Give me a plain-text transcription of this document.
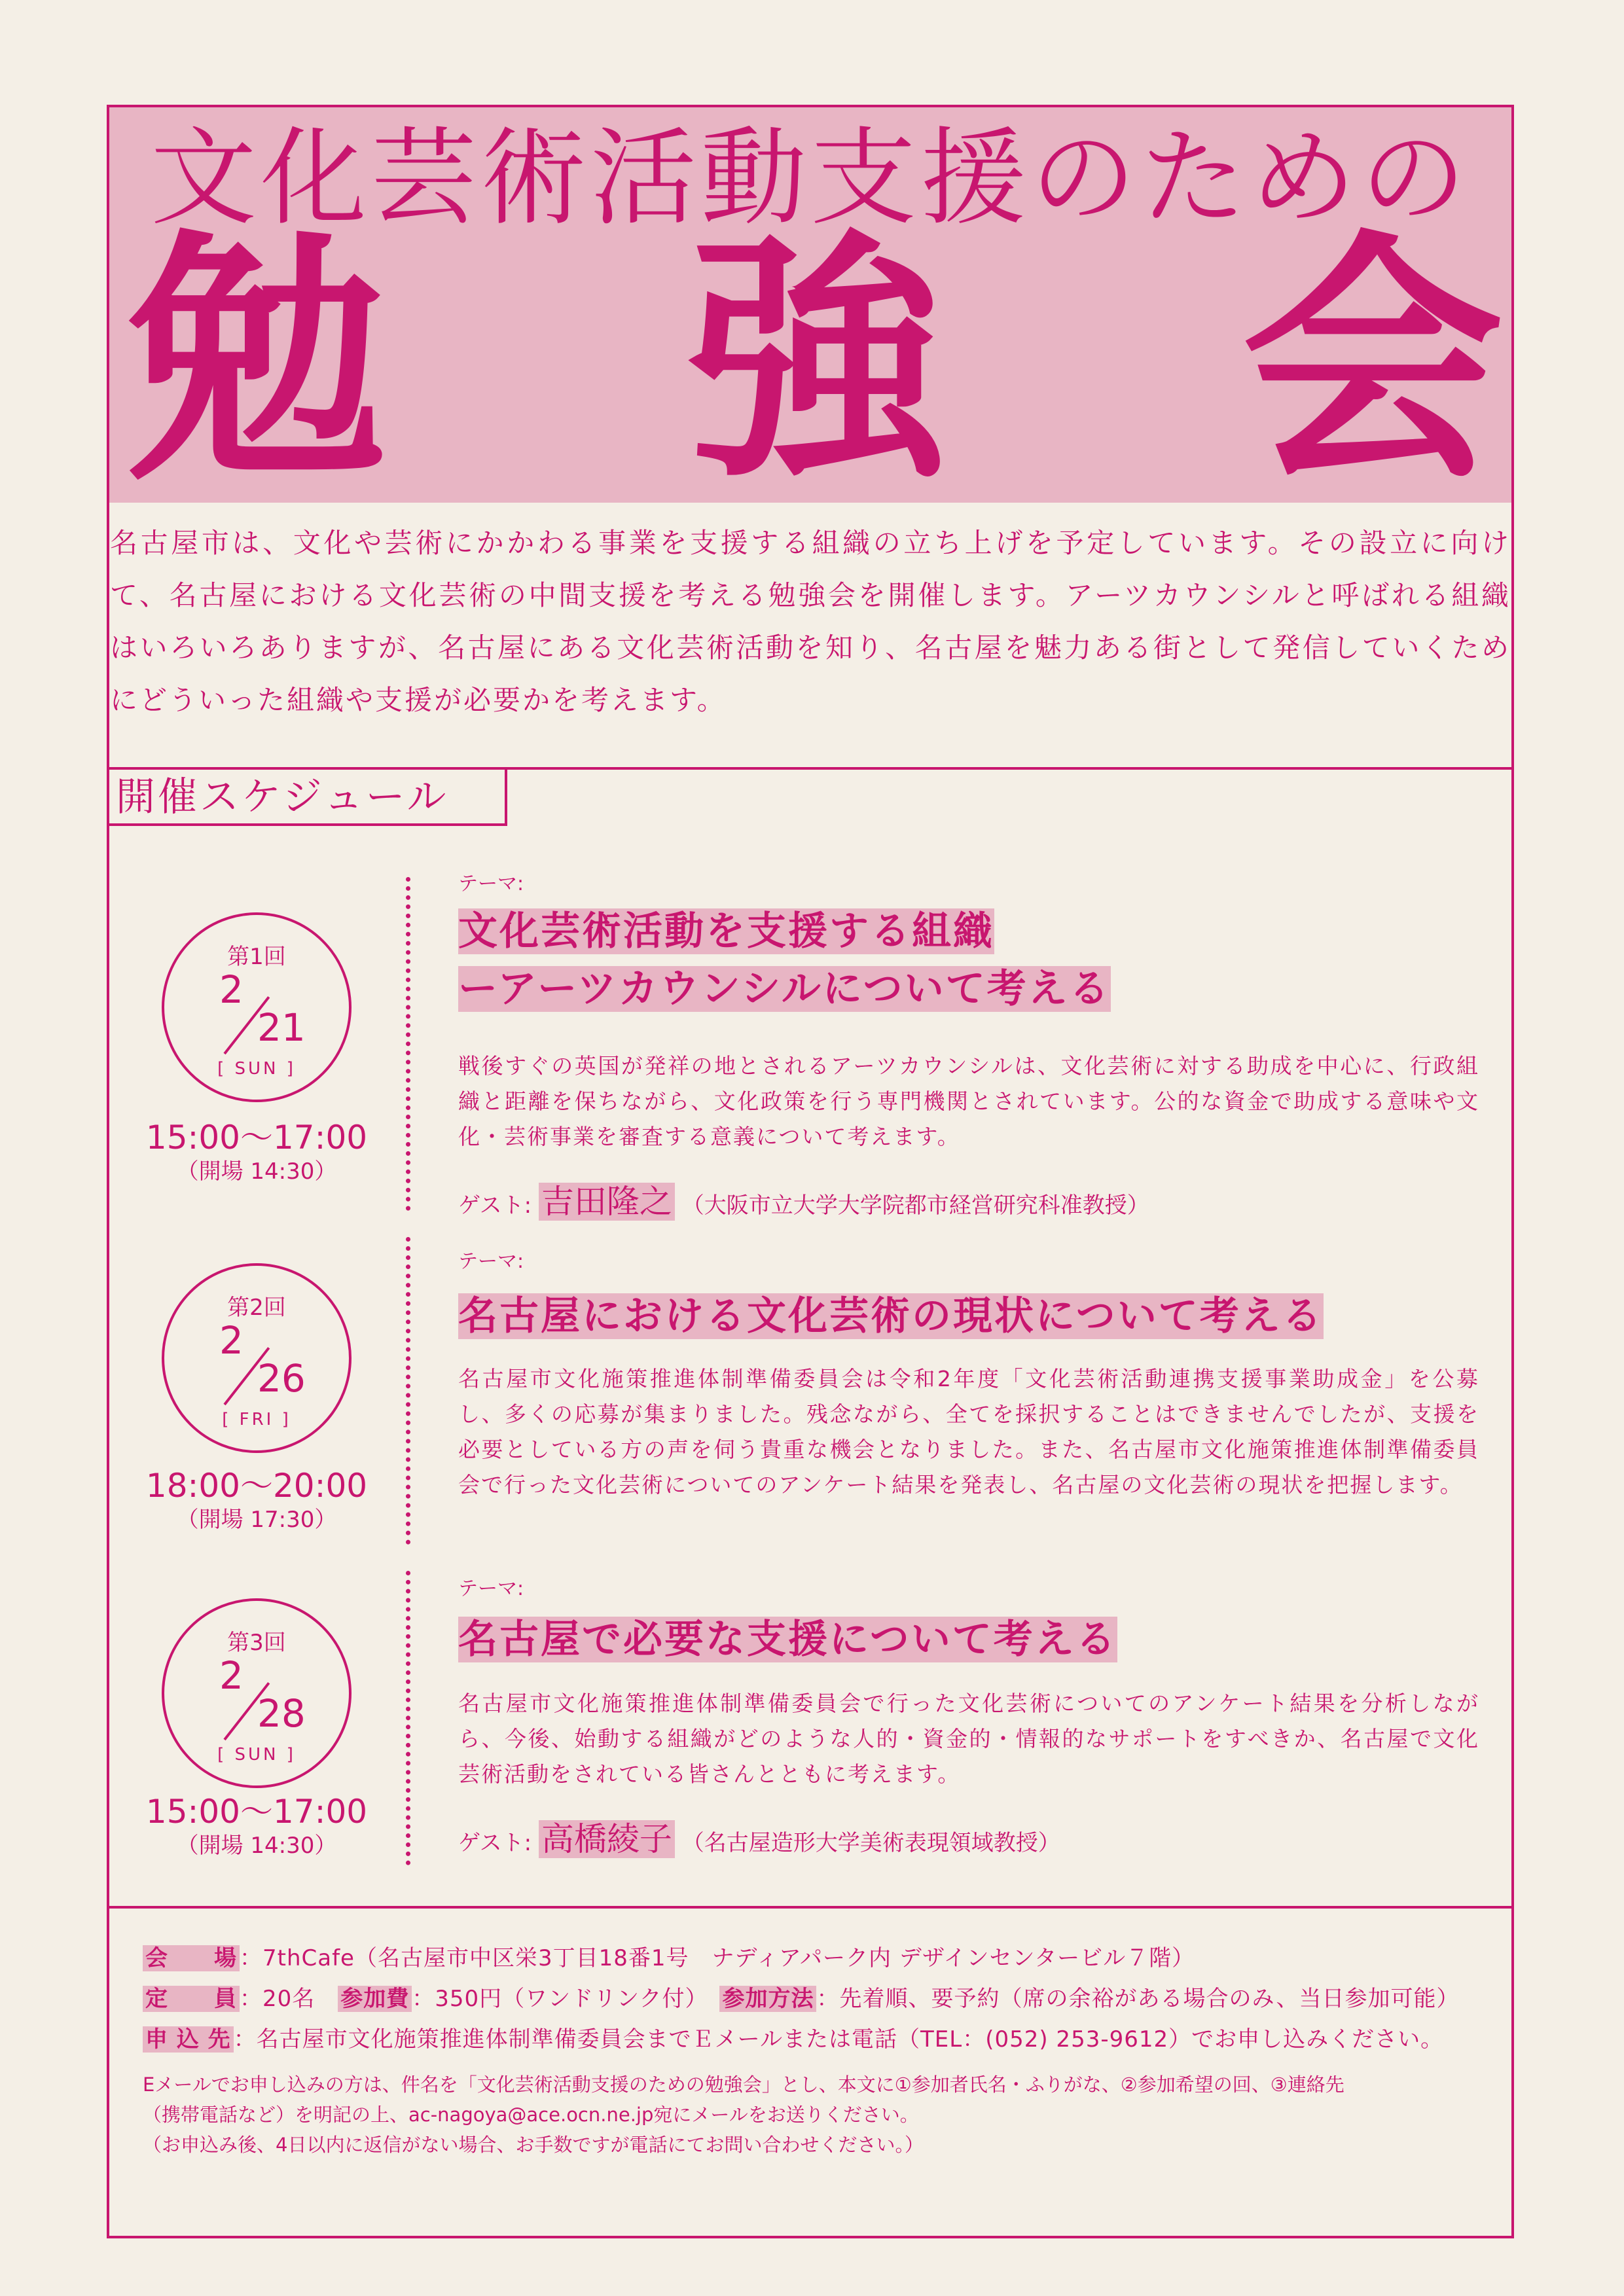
文化芸術活動支援のための
勉 強 会
名古屋市は、文化や芸術にかかわる事業を支援する組織の立ち上げを予定しています。その設立に向けて、名古屋における文化芸術の中間支援を考える勉強会を開催します。アーツカウンシルと呼ばれる組織はいろいろありますが、名古屋にある文化芸術活動を知り、名古屋を魅力ある街として発信していくためにどういった組織や支援が必要かを考えます。
開催スケジュール
第1回
2
21
[ SUN ]
15:00〜17:00
（開場 14:30）
テーマ:
文化芸術活動を支援する組織
ーアーツカウンシルについて考える
戦後すぐの英国が発祥の地とされるアーツカウンシルは、文化芸術に対する助成を中心に、行政組織と距離を保ちながら、文化政策を行う専門機関とされています。公的な資金で助成する意味や文化・芸術事業を審査する意義について考えます。
ゲスト: 吉田隆之 （大阪市立大学大学院都市経営研究科准教授）
第2回
2
26
[ FRI ]
18:00〜20:00
（開場 17:30）
テーマ:
名古屋における文化芸術の現状について考える
名古屋市文化施策推進体制準備委員会は令和2年度「文化芸術活動連携支援事業助成金」を公募し、多くの応募が集まりました。残念ながら、全てを採択することはできませんでしたが、支援を必要としている方の声を伺う貴重な機会となりました。また、名古屋市文化施策推進体制準備委員会で行った文化芸術についてのアンケート結果を発表し、名古屋の文化芸術の現状を把握します。
第3回
2
28
[ SUN ]
15:00〜17:00
（開場 14:30）
テーマ:
名古屋で必要な支援について考える
名古屋市文化施策推進体制準備委員会で行った文化芸術についてのアンケート結果を分析しながら、今後、始動する組織がどのような人的・資金的・情報的なサポートをすべきか、名古屋で文化芸術活動をされている皆さんとともに考えます。
ゲスト: 高橋綾子 （名古屋造形大学美術表現領域教授）
会　　場 ：7thCafe（名古屋市中区栄3丁目18番1号　ナディアパーク内 デザインセンタービル７階）
定　　員 ：20名　参加費 ：350円（ワンドリンク付）　参加方法 ：先着順、要予約（席の余裕がある場合のみ、当日参加可能）
申 込 先 ：名古屋市文化施策推進体制準備委員会までＥメールまたは電話（TEL：(052) 253-9612）でお申し込みください。
Eメールでお申し込みの方は、件名を「文化芸術活動支援のための勉強会」とし、本文に①参加者氏名・ふりがな、②参加希望の回、③連絡先
（携帯電話など）を明記の上、ac-nagoya@ace.ocn.ne.jp宛にメールをお送りください。
（お申込み後、4日以内に返信がない場合、お手数ですが電話にてお問い合わせください。）
